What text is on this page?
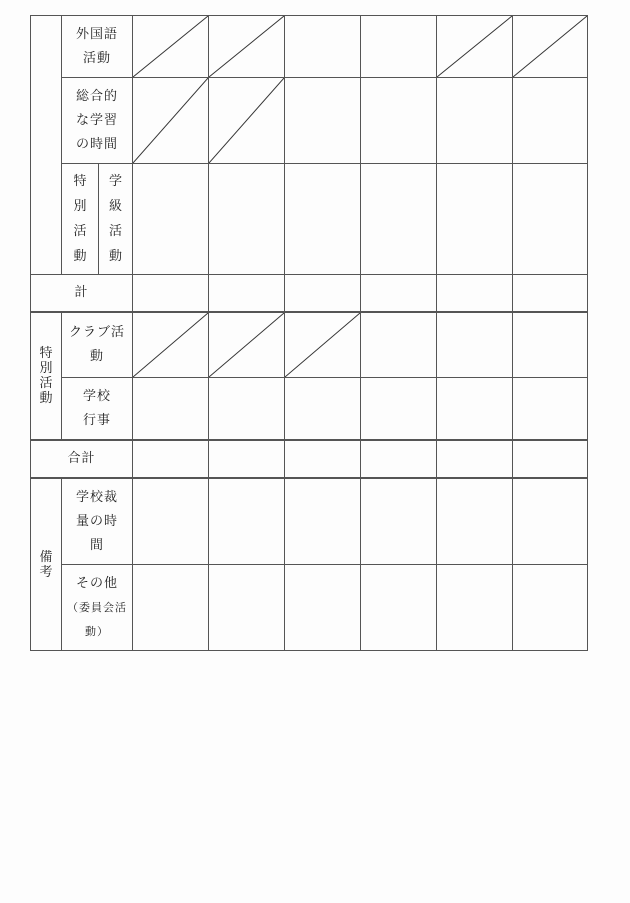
外国語
活動
総合的
な学習
の時間
特別活動
学級活動
計
特別活動
クラブ活
動
学校
行事
合計
備考
学校裁
量の時
間
その他
（委員会活
動）
